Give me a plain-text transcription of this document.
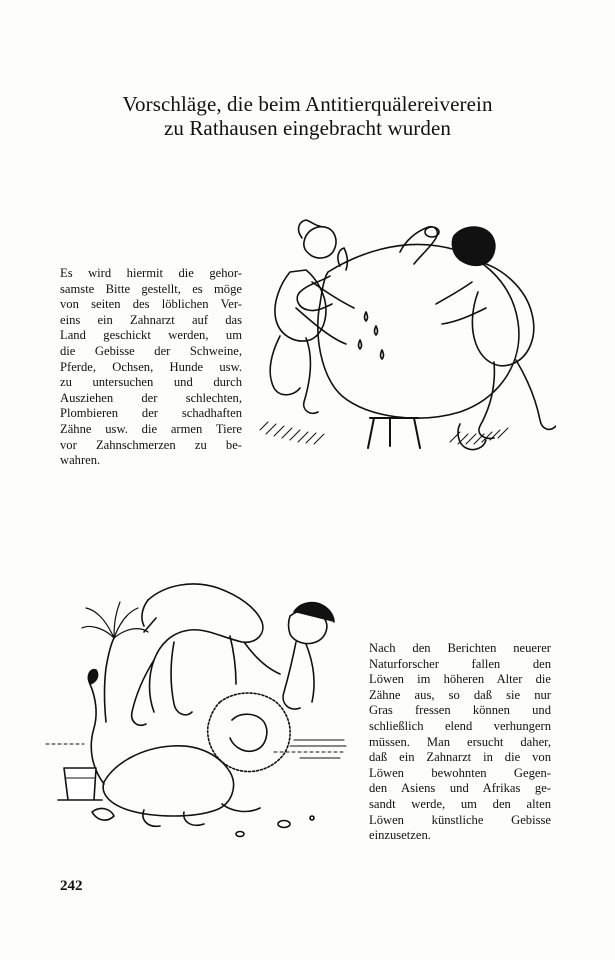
Vorschläge, die beim Antitierquälereiverein
zu Rathausen eingebracht wurden

Es wird hiermit die gehor-
samste Bitte gestellt, es möge
von seiten des löblichen Ver-
eins ein Zahnarzt auf das
Land geschickt werden, um
die Gebisse der Schweine,
Pferde, Ochsen, Hunde usw.
zu untersuchen und durch
Ausziehen der schlechten,
Plombieren der schadhaften
Zähne usw. die armen Tiere
vor Zahnschmerzen zu be-
wahren.

Nach den Berichten neuerer
Naturforscher fallen den
Löwen im höheren Alter die
Zähne aus, so daß sie nur
Gras fressen können und
schließlich elend verhungern
müssen. Man ersucht daher,
daß ein Zahnarzt in die von
Löwen bewohnten Gegen-
den Asiens und Afrikas ge-
sandt werde, um den alten
Löwen künstliche Gebisse
einzusetzen.

242
